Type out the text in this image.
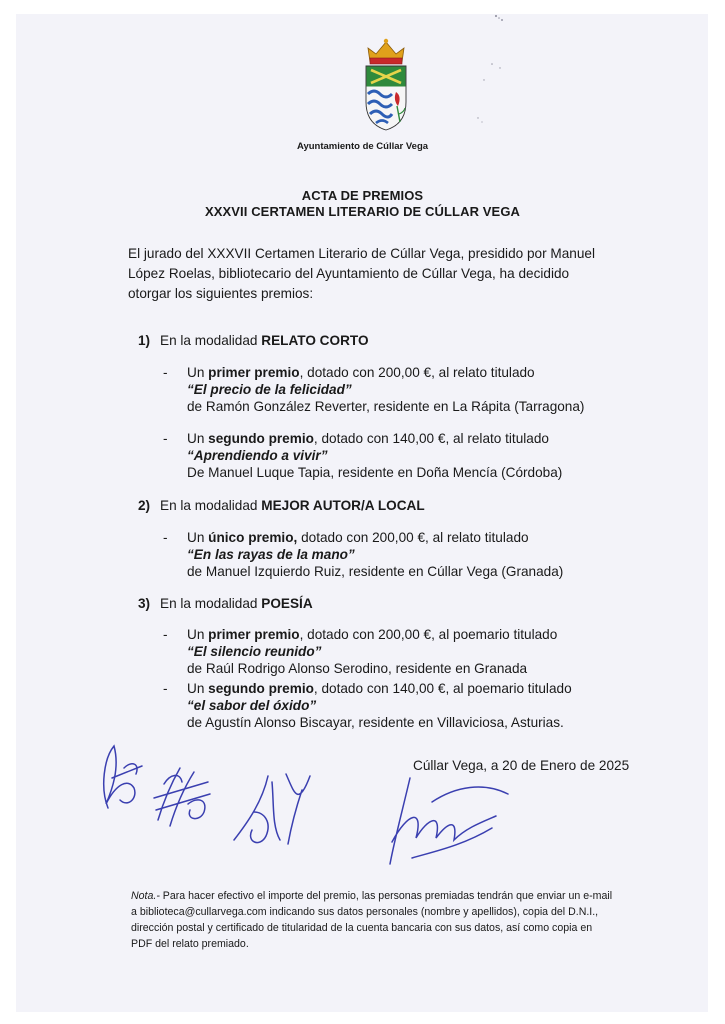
Ayuntamiento de Cúllar Vega
ACTA DE PREMIOS
XXXVII CERTAMEN LITERARIO DE CÚLLAR VEGA
El jurado del XXXVII Certamen Literario de Cúllar Vega, presidido por Manuel López Roelas, bibliotecario del Ayuntamiento de Cúllar Vega, ha decidido otorgar los siguientes premios:
1) En la modalidad RELATO CORTO
- Un primer premio, dotado con 200,00 €, al relato titulado
“El precio de la felicidad”
de Ramón González Reverter, residente en La Rápita (Tarragona)
- Un segundo premio, dotado con 140,00 €, al relato titulado
“Aprendiendo a vivir”
De Manuel Luque Tapia, residente en Doña Mencía (Córdoba)
2) En la modalidad MEJOR AUTOR/A LOCAL
- Un único premio, dotado con 200,00 €, al relato titulado
“En las rayas de la mano”
de Manuel Izquierdo Ruiz, residente en Cúllar Vega (Granada)
3) En la modalidad POESÍA
- Un primer premio, dotado con 200,00 €, al poemario titulado
“El silencio reunido”
de Raúl Rodrigo Alonso Serodino, residente en Granada
- Un segundo premio, dotado con 140,00 €, al poemario titulado
“el sabor del óxido”
de Agustín Alonso Biscayar, residente en Villaviciosa, Asturias.
Cúllar Vega, a 20 de Enero de 2025
Nota.- Para hacer efectivo el importe del premio, las personas premiadas tendrán que enviar un e-mail a biblioteca@cullarvega.com indicando sus datos personales (nombre y apellidos), copia del D.N.I., dirección postal y certificado de titularidad de la cuenta bancaria con sus datos, así como copia en PDF del relato premiado.
